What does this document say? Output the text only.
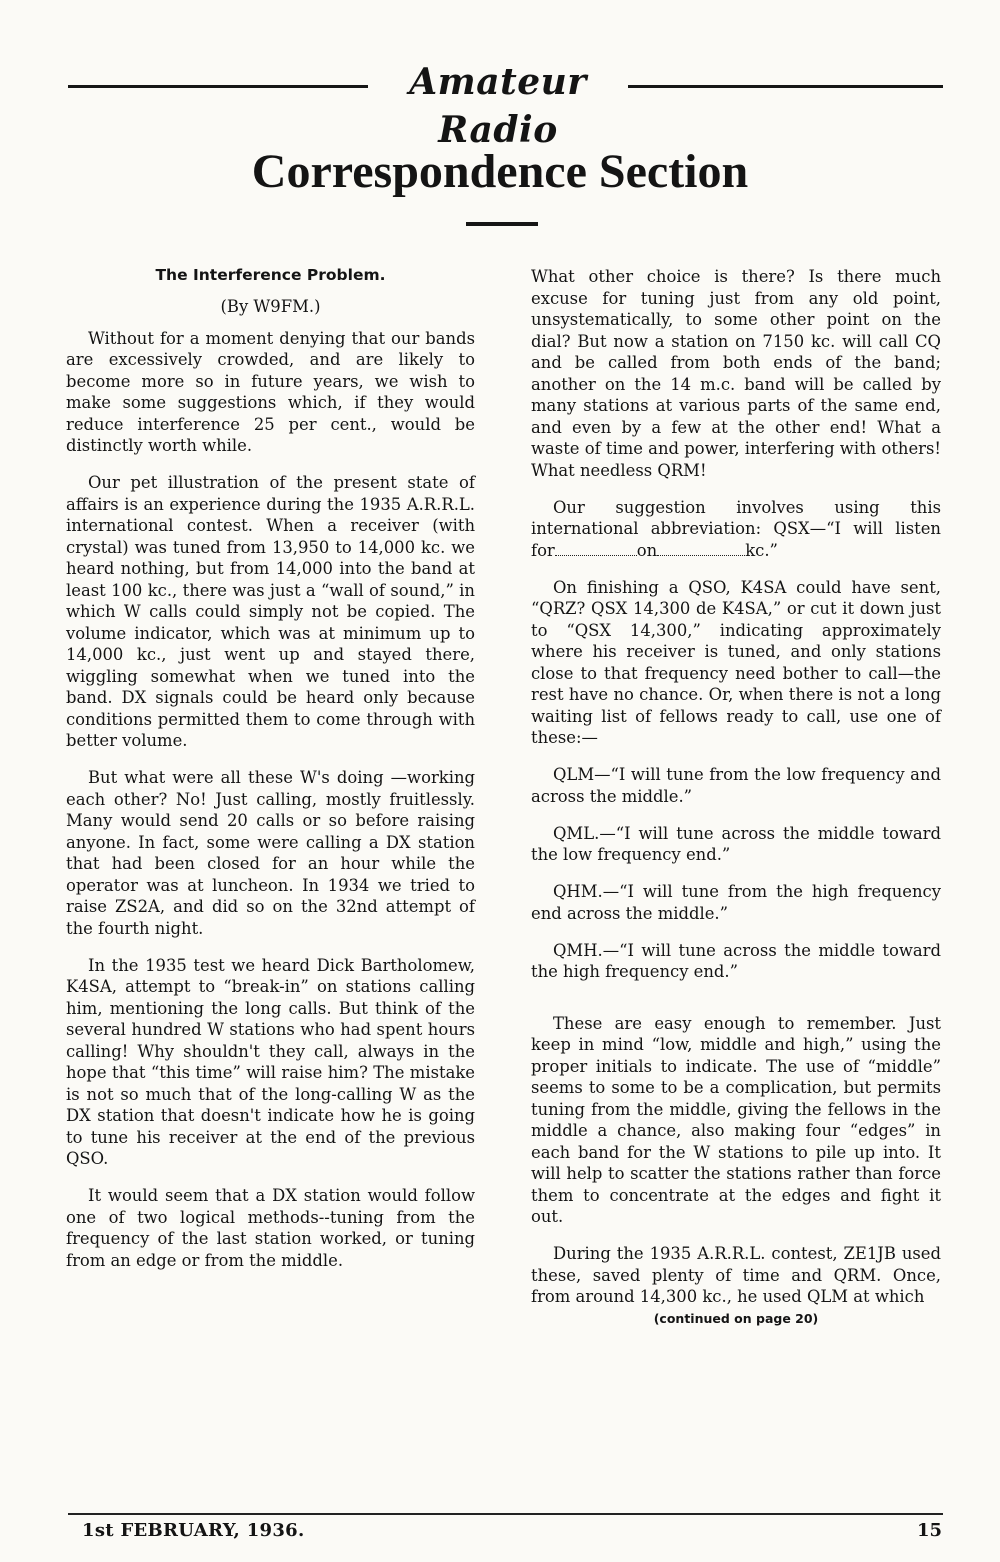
Amateur Radio
Correspondence Section
The Interference Problem.
(By W9FM.)

Without for a moment denying that our bands are excessively crowded, and are likely to become more so in future years, we wish to make some suggestions which, if they would reduce interference 25 per cent., would be distinctly worth while.

Our pet illustration of the present state of affairs is an experience during the 1935 A.R.R.L. international contest. When a receiver (with crystal) was tuned from 13,950 to 14,000 kc. we heard nothing, but from 14,000 into the band at least 100 kc., there was just a “wall of sound,” in which W calls could simply not be copied. The volume indicator, which was at minimum up to 14,000 kc., just went up and stayed there, wiggling somewhat when we tuned into the band. DX signals could be heard only because conditions permitted them to come through with better volume.

But what were all these W's doing —working each other? No! Just calling, mostly fruitlessly. Many would send 20 calls or so before raising anyone. In fact, some were calling a DX station that had been closed for an hour while the operator was at luncheon. In 1934 we tried to raise ZS2A, and did so on the 32nd attempt of the fourth night.

In the 1935 test we heard Dick Bartholomew, K4SA, attempt to “break-in” on stations calling him, mentioning the long calls. But think of the several hundred W stations who had spent hours calling! Why shouldn't they call, always in the hope that “this time” will raise him? The mistake is not so much that of the long-calling W as the DX station that doesn't indicate how he is going to tune his receiver at the end of the previous QSO.

It would seem that a DX station would follow one of two logical methods--tuning from the frequency of the last station worked, or tuning from an edge or from the middle.

What other choice is there? Is there much excuse for tuning just from any old point, unsystematically, to some other point on the dial? But now a station on 7150 kc. will call CQ and be called from both ends of the band; another on the 14 m.c. band will be called by many stations at various parts of the same end, and even by a few at the other end! What a waste of time and power, interfering with others! What needless QRM!

Our suggestion involves using this international abbreviation: QSX—“I will listen for	on	kc.”

On finishing a QSO, K4SA could have sent, “QRZ? QSX 14,300 de K4SA,” or cut it down just to “QSX 14,300,” indicating approximately where his receiver is tuned, and only stations close to that frequency need bother to call—the rest have no chance. Or, when there is not a long waiting list of fellows ready to call, use one of these:—

QLM—“I will tune from the low frequency and across the middle.”

QML.—“I will tune across the middle toward the low frequency end.”

QHM.—“I will tune from the high frequency end across the middle.”

QMH.—“I will tune across the middle toward the high frequency end.”

These are easy enough to remember. Just keep in mind “low, middle and high,” using the proper initials to indicate. The use of “middle” seems to some to be a complication, but permits tuning from the middle, giving the fellows in the middle a chance, also making four “edges” in each band for the W stations to pile up into. It will help to scatter the stations rather than force them to concentrate at the edges and fight it out.

During the 1935 A.R.R.L. contest, ZE1JB used these, saved plenty of time and QRM. Once, from around 14,300 kc., he used QLM at which

(continued on page 20)
1st FEBRUARY, 1936.	15
